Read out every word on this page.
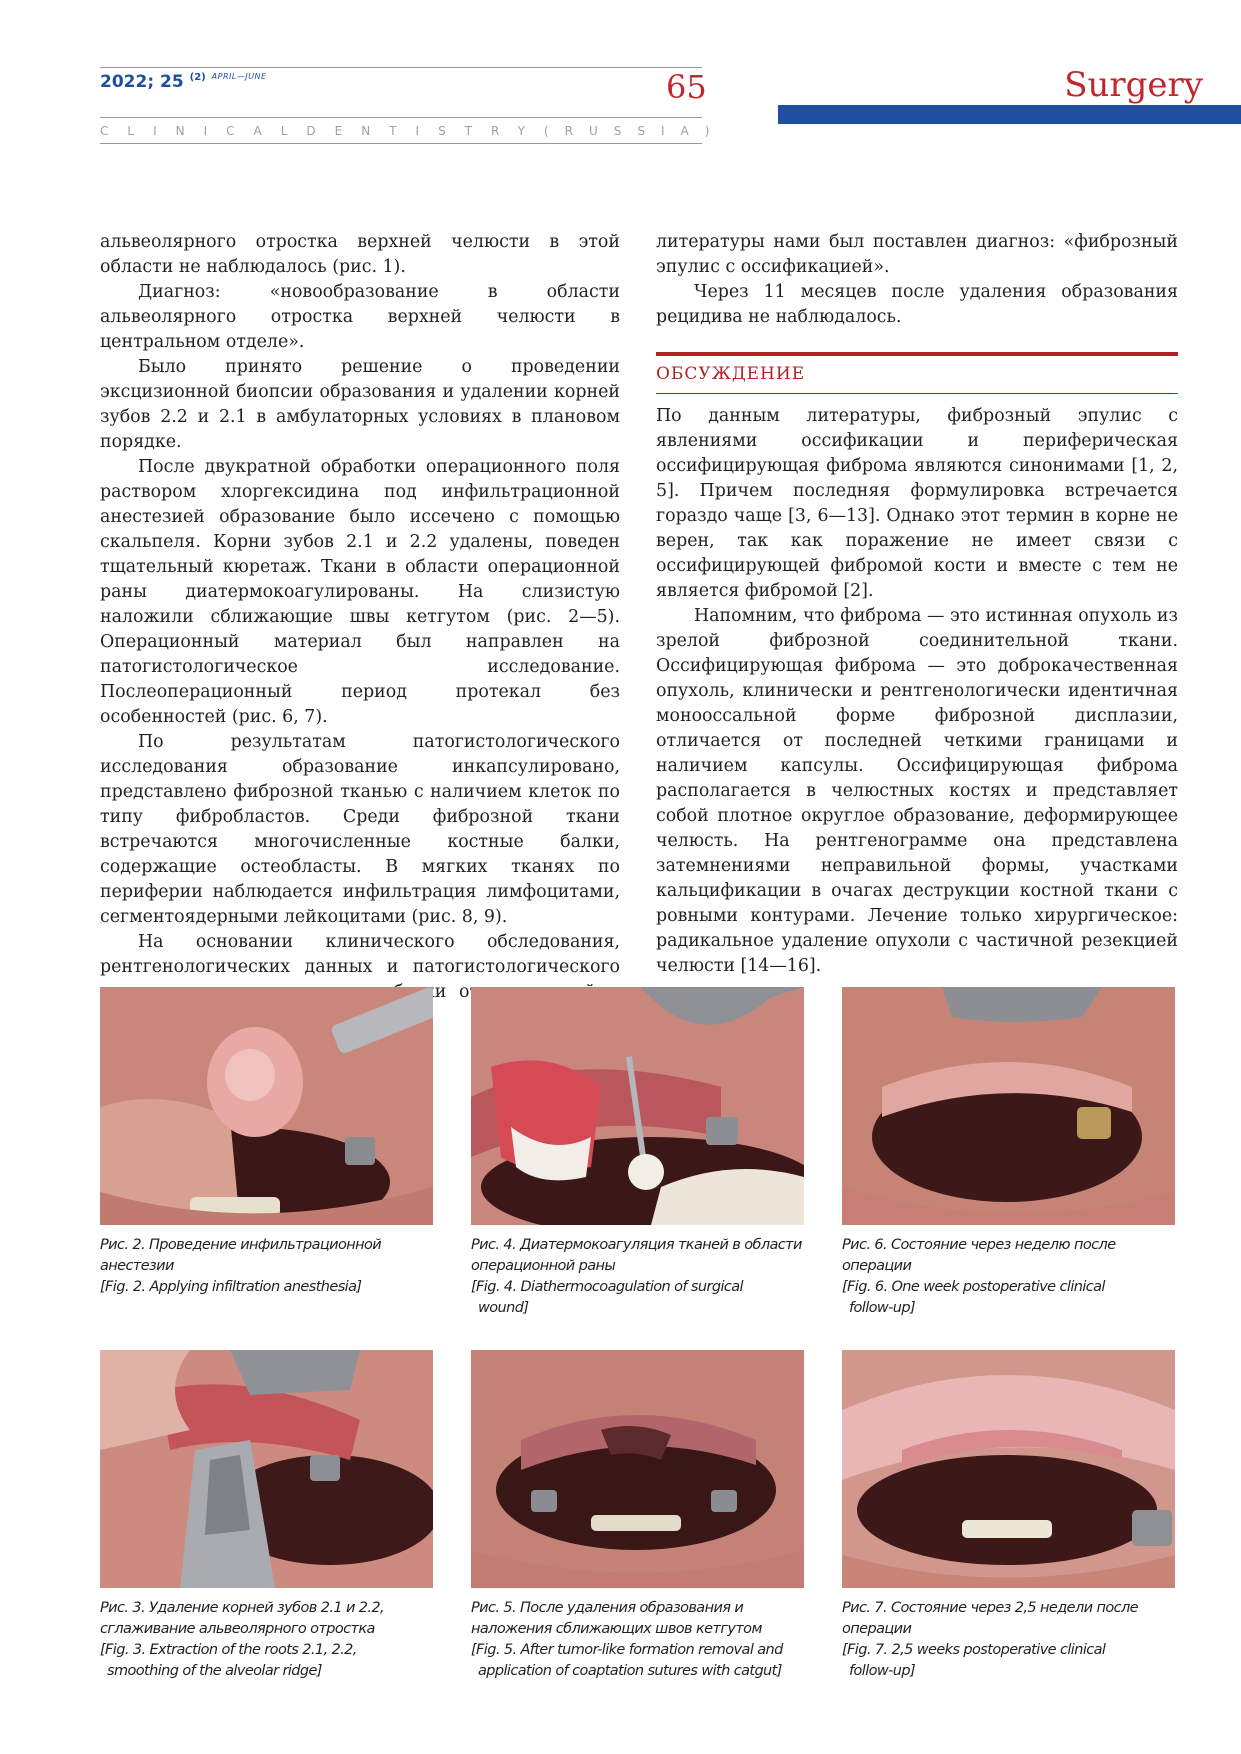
2022; 25 $^{(2)}$ $^{APRIL—JUNE}$	65
CLINICAL DENTISTRY (RUSSIA)
Surgery

альвеолярного отростка верхней челюсти в этой области не наблюдалось (рис. 1).

Диагноз: «новообразование в области альвеолярного отростка верхней челюсти в центральном отделе».

Было принято решение о проведении эксцизионной биопсии образования и удалении корней зубов 2.2 и 2.1 в амбулаторных условиях в плановом порядке.

После двукратной обработки операционного поля раствором хлоргексидина под инфильтрационной анестезией образование было иссечено с помощью скальпеля. Корни зубов 2.1 и 2.2 удалены, поведен тщательный кюретаж. Ткани в области операционной раны диатермокоагулированы. На слизистую наложили сближающие швы кетгутом (рис. 2—5). Операционный материал был направлен на патогистологическое исследование. Послеоперационный период протекал без особенностей (рис. 6, 7).

По результатам патогистологического исследования образование инкапсулировано, представлено фиброзной тканью с наличием клеток по типу фибробластов. Среди фиброзной ткани встречаются многочисленные костные балки, содержащие остеобласты. В мягких тканях по периферии наблюдается инфильтрация лимфоцитами, сегментоядерными лейкоцитами (рис. 8, 9).

На основании клинического обследования, рентгенологических данных и патогистологического

литературы нами был поставлен диагноз: «фиброзный эпулис с оссификацией».

Через 11 месяцев после удаления образования рецидива не наблюдалось.

ОБСУЖДЕНИЕ

По данным литературы, фиброзный эпулис с явлениями оссификации и периферическая оссифицирующая фиброма являются синонимами [1, 2, 5]. Причем последняя формулировка встречается гораздо чаще [3, 6—13]. Однако этот термин в корне не верен, так как поражение не имеет связи с оссифицирующей фибромой кости и вместе с тем не является фибромой [2].

Напомним, что фиброма — это истинная опухоль из зрелой фиброзной соединительной ткани. Оссифицирующая фиброма — это доброкачественная опухоль, клинически и рентгенологически идентичная монооссальной форме фиброзной дисплазии, отличается от последней четкими границами и наличием капсулы. Оссифицирующая фиброма располагается в челюстных костях и представляет собой плотное округлое образование, деформирующее челюсть. На рентгенограмме она представлена затемнениями неправильной формы, участками кальцификации в очагах деструкции костной ткани с ровными контурами. Лечение только хирургическое: радикальное удаление опухоли с частичной резекцией челюсти [14—16].

Рис. 2. Проведение инфильтрационной анестезии
[Fig. 2. Applying infiltration anesthesia]
Рис. 4. Диатермокоагуляция тканей в области операционной раны
[Fig. 4. Diathermocoagulation of surgical
wound]
Рис. 6. Состояние через неделю после операции
[Fig. 6. One week postoperative clinical
follow-up]
Рис. 3. Удаление корней зубов 2.1 и 2.2, сглаживание альвеолярного отростка
[Fig. 3. Extraction of the roots 2.1, 2.2,
smoothing of the alveolar ridge]
Рис. 5. После удаления образования и наложения сближающих швов кетгутом
[Fig. 5. After tumor-like formation removal and
application of coaptation sutures with catgut]
Рис. 7. Состояние через 2,5 недели после операции
[Fig. 7. 2,5 weeks postoperative clinical
follow-up]
